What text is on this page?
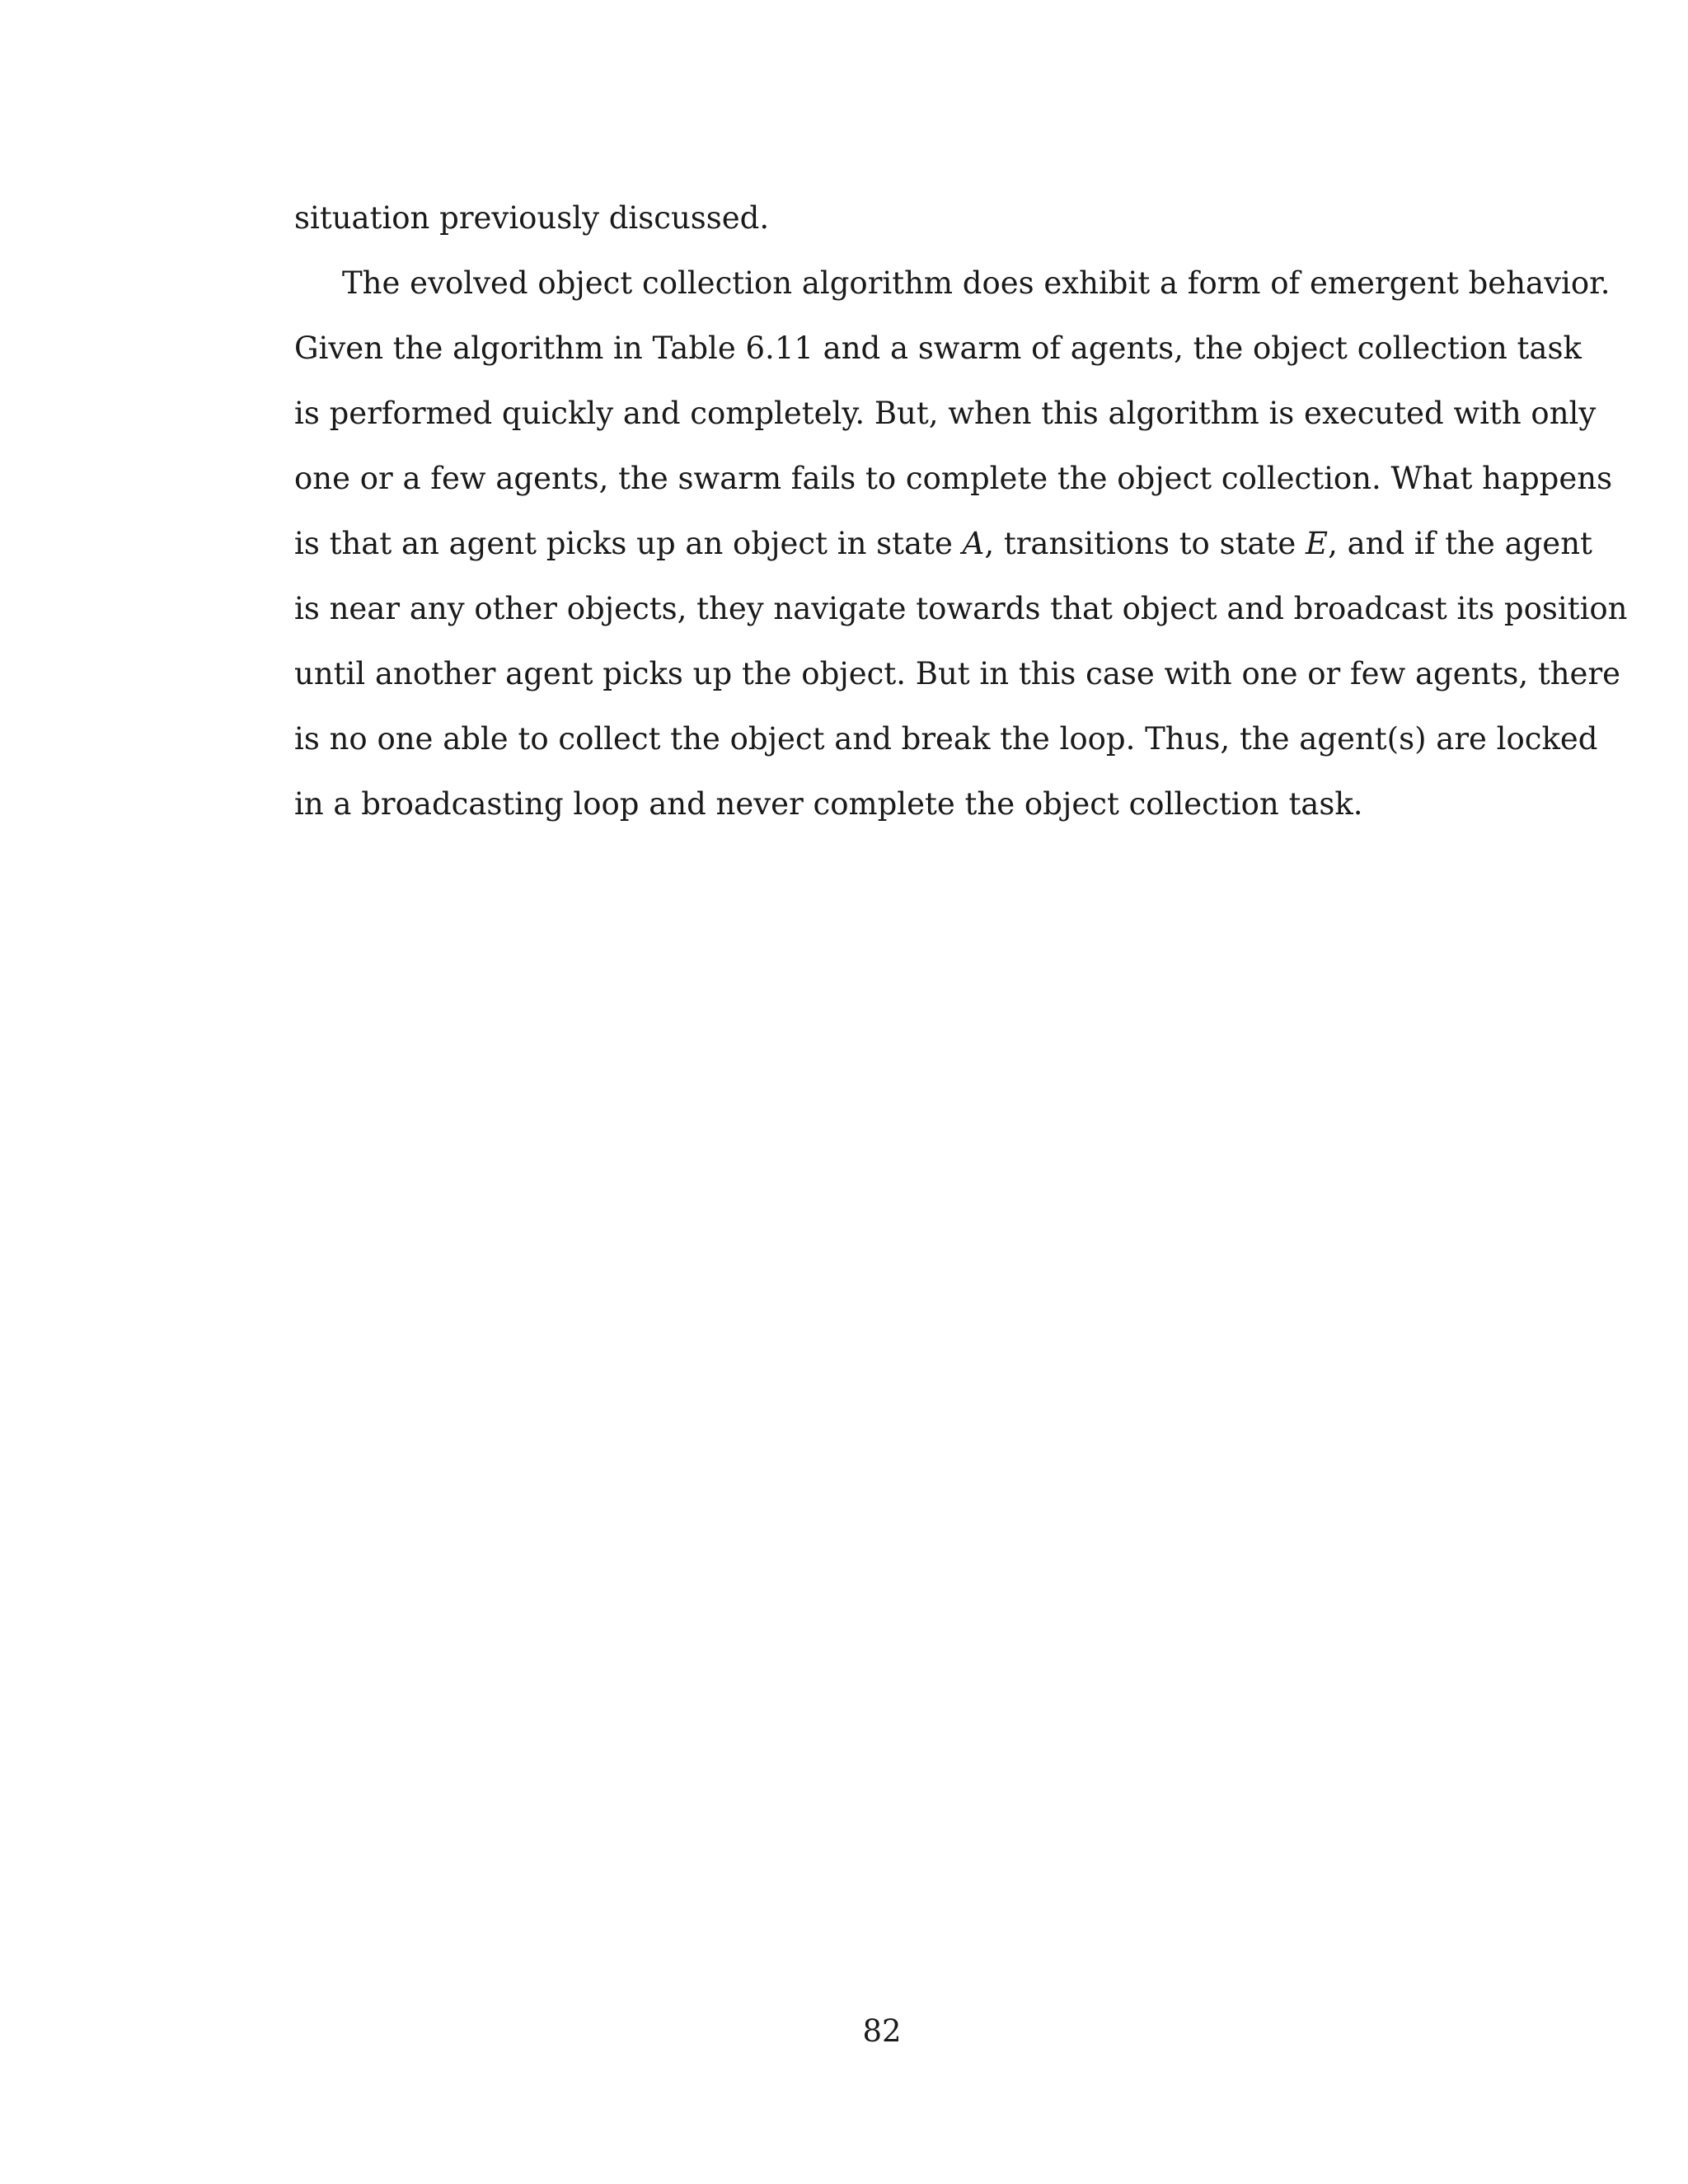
situation previously discussed.

The evolved object collection algorithm does exhibit a form of emergent behavior.

Given the algorithm in Table 6.11 and a swarm of agents, the object collection task

is performed quickly and completely. But, when this algorithm is executed with only

one or a few agents, the swarm fails to complete the object collection. What happens

is that an agent picks up an object in state A, transitions to state E, and if the agent

is near any other objects, they navigate towards that object and broadcast its position

until another agent picks up the object. But in this case with one or few agents, there

is no one able to collect the object and break the loop. Thus, the agent(s) are locked

in a broadcasting loop and never complete the object collection task.

82
